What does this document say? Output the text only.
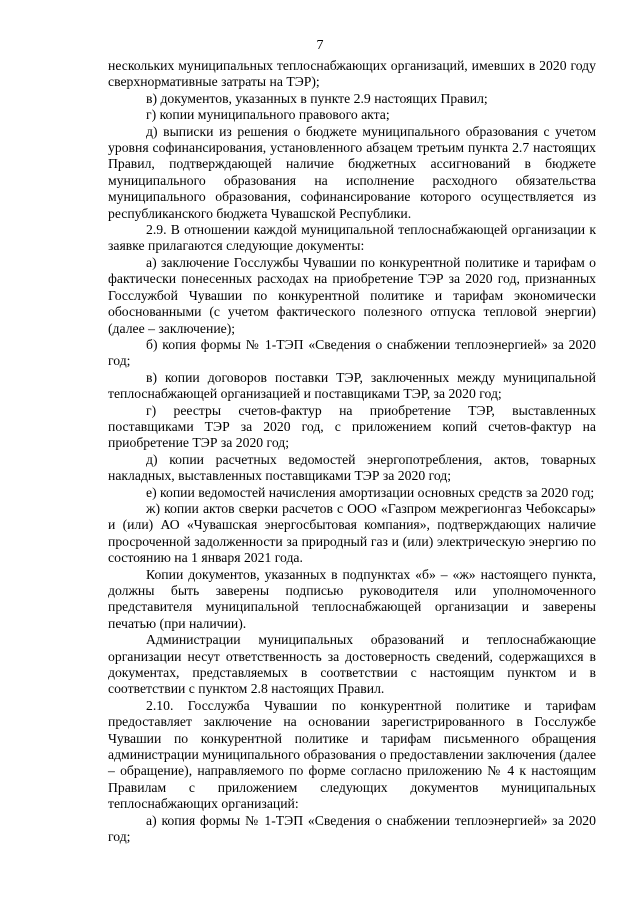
7

нескольких муниципальных теплоснабжающих организаций, имевших в 2020 году сверхнормативные затраты на ТЭР);

в) документов, указанных в пункте 2.9 настоящих Правил;

г) копии муниципального правового акта;

д) выписки из решения о бюджете муниципального образования с учетом уровня софинансирования, установленного абзацем третьим пункта 2.7 настоящих Правил, подтверждающей наличие бюджетных ассигнований в бюджете муниципального образования на исполнение расходного обязательства муниципального образования, софинансирование которого осуществляется из республиканского бюджета Чувашской Республики.

2.9. В отношении каждой муниципальной теплоснабжающей организации к заявке прилагаются следующие документы:

а) заключение Госслужбы Чувашии по конкурентной политике и тарифам о фактически понесенных расходах на приобретение ТЭР за 2020 год, признанных Госслужбой Чувашии по конкурентной политике и тарифам экономически обоснованными (с учетом фактического полезного отпуска тепловой энергии) (далее – заключение);

б) копия формы № 1-ТЭП «Сведения о снабжении теплоэнергией» за 2020 год;

в) копии договоров поставки ТЭР, заключенных между муниципальной теплоснабжающей организацией и поставщиками ТЭР, за 2020 год;

г) реестры счетов-фактур на приобретение ТЭР, выставленных поставщиками ТЭР за 2020 год, с приложением копий счетов-фактур на приобретение ТЭР за 2020 год;

д) копии расчетных ведомостей энергопотребления, актов, товарных накладных, выставленных поставщиками ТЭР за 2020 год;

е) копии ведомостей начисления амортизации основных средств за 2020 год;

ж) копии актов сверки расчетов с ООО «Газпром межрегионгаз Чебоксары» и (или) АО «Чувашская энергосбытовая компания», подтверждающих наличие просроченной задолженности за природный газ и (или) электрическую энергию по состоянию на 1 января 2021 года.

Копии документов, указанных в подпунктах «б» – «ж» настоящего пункта, должны быть заверены подписью руководителя или уполномоченного представителя муниципальной теплоснабжающей организации и заверены печатью (при наличии).

Администрации муниципальных образований и теплоснабжающие организации несут ответственность за достоверность сведений, содержащихся в документах, представляемых в соответствии с настоящим пунктом и в соответствии с пунктом 2.8 настоящих Правил.

2.10. Госслужба Чувашии по конкурентной политике и тарифам предоставляет заключение на основании зарегистрированного в Госслужбе Чувашии по конкурентной политике и тарифам письменного обращения администрации муниципального образования о предоставлении заключения (далее – обращение), направляемого по форме согласно приложению № 4 к настоящим Правилам с приложением следующих документов муниципальных теплоснабжающих организаций:

а) копия формы № 1-ТЭП «Сведения о снабжении теплоэнергией» за 2020 год;
